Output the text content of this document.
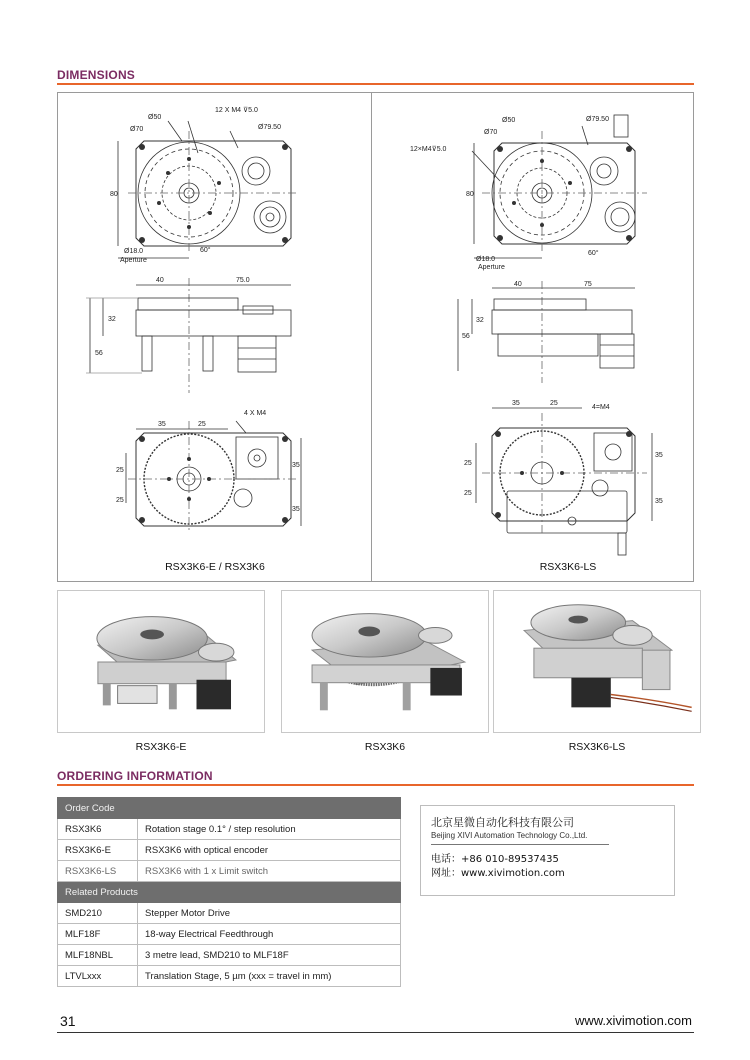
DIMENSIONS
Ø50
Ø70
12 X M4 ⊽5.0
Ø79.50
80
Ø18.0
Aperture
60°
40	75.0
32
56
35	25
4 X M4
25
25
35
35
RSX3K6-E / RSX3K6
Ø50
Ø70
12×M4⊽5.0
Ø79.50
80
Ø18.0
Aperture
60°
40	75
32
56
35	25
4=M4
25
25
35
35
RSX3K6-LS
RSX3K6-E	RSX3K6	RSX3K6-LS
ORDERING INFORMATION
Order Code	
RSX3K6	Rotation stage 0.1° / step resolution
RSX3K6-E	RSX3K6 with optical encoder
RSX3K6-LS	RSX3K6 with 1 x Limit switch
Related Products	
SMD210	Stepper Motor Drive
MLF18F	18-way Electrical Feedthrough
MLF18NBL	3 metre lead, SMD210 to MLF18F
LTVLxxx	Translation Stage, 5 µm (xxx = travel in mm)
北京星微自动化科技有限公司
Beijing XIVI Automation Technology Co.,Ltd.
电话：+86 010-89537435
网址：www.xivimotion.com
31	www.xivimotion.com
